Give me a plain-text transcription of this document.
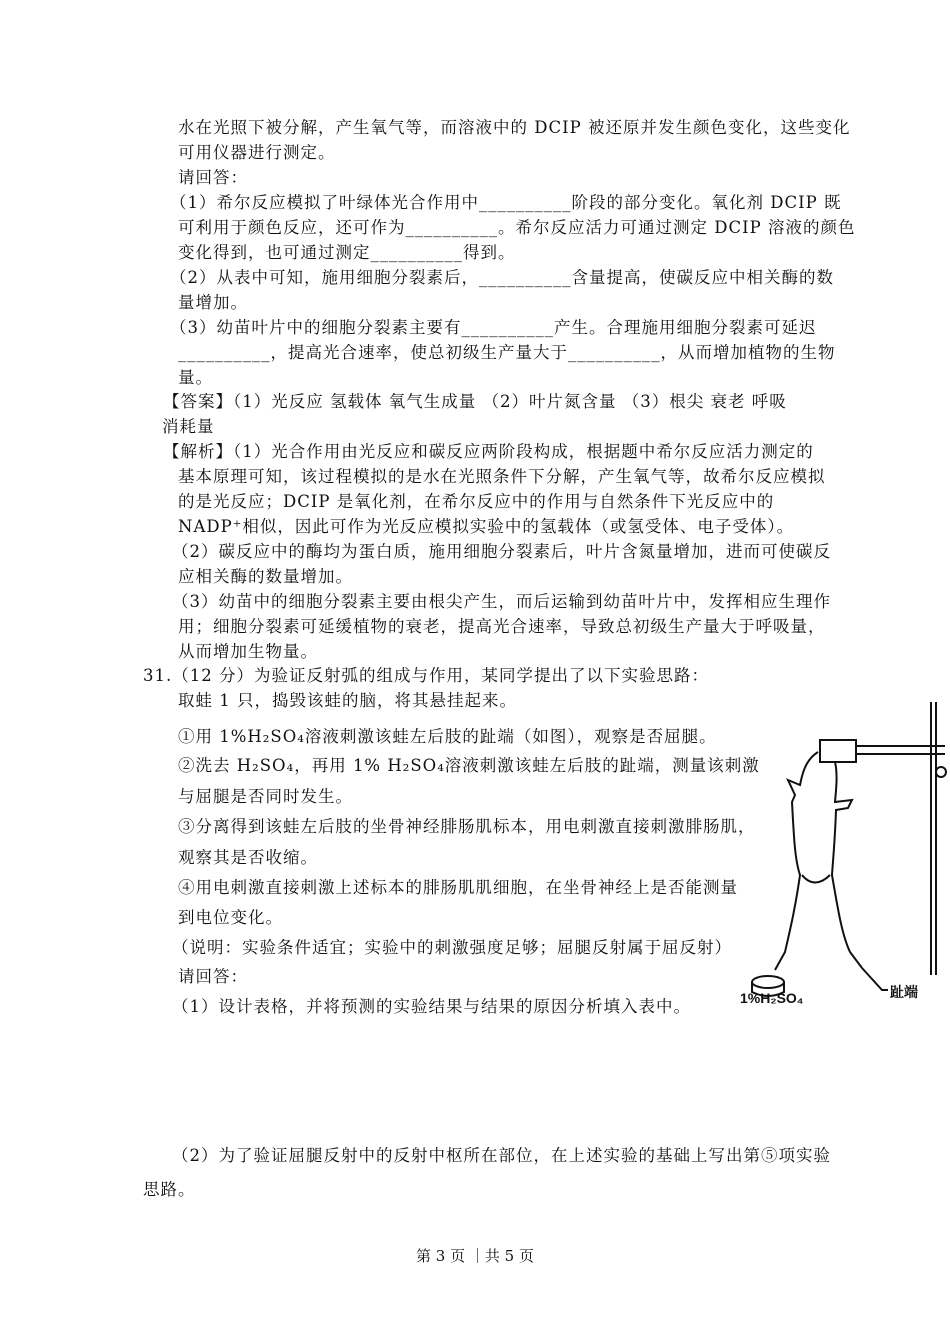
水在光照下被分解，产生氧气等，而溶液中的 DCIP 被还原并发生颜色变化，这些变化
可用仪器进行测定。
请回答：
（1）希尔反应模拟了叶绿体光合作用中__________阶段的部分变化。氧化剂 DCIP 既
可利用于颜色反应，还可作为__________。希尔反应活力可通过测定 DCIP 溶液的颜色
变化得到，也可通过测定__________得到。
（2）从表中可知，施用细胞分裂素后，__________含量提高，使碳反应中相关酶的数
量增加。
（3）幼苗叶片中的细胞分裂素主要有__________产生。合理施用细胞分裂素可延迟
__________，提高光合速率，使总初级生产量大于__________，从而增加植物的生物
量。
【答案】（1）光反应 氢载体 氧气生成量 （2）叶片氮含量 （3）根尖 衰老 呼吸
消耗量
【解析】（1）光合作用由光反应和碳反应两阶段构成，根据题中希尔反应活力测定的
基本原理可知，该过程模拟的是水在光照条件下分解，产生氧气等，故希尔反应模拟
的是光反应；DCIP 是氧化剂，在希尔反应中的作用与自然条件下光反应中的
NADP⁺相似，因此可作为光反应模拟实验中的氢载体（或氢受体、电子受体）。
（2）碳反应中的酶均为蛋白质，施用细胞分裂素后，叶片含氮量增加，进而可使碳反
应相关酶的数量增加。
（3）幼苗中的细胞分裂素主要由根尖产生，而后运输到幼苗叶片中，发挥相应生理作
用；细胞分裂素可延缓植物的衰老，提高光合速率，导致总初级生产量大于呼吸量，
从而增加生物量。
31.（12 分）为验证反射弧的组成与作用，某同学提出了以下实验思路：
取蛙 1 只，捣毁该蛙的脑，将其悬挂起来。
①用 1%H₂SO₄溶液刺激该蛙左后肢的趾端（如图），观察是否屈腿。
②洗去 H₂SO₄，再用 1% H₂SO₄溶液刺激该蛙左后肢的趾端，测量该刺激
与屈腿是否同时发生。
③分离得到该蛙左后肢的坐骨神经腓肠肌标本，用电刺激直接刺激腓肠肌，
观察其是否收缩。
④用电刺激直接刺激上述标本的腓肠肌肌细胞，在坐骨神经上是否能测量
到电位变化。
（说明：实验条件适宜；实验中的刺激强度足够；屈腿反射属于屈反射）
请回答：
（1）设计表格，并将预测的实验结果与结果的原因分析填入表中。
（2）为了验证屈腿反射中的反射中枢所在部位，在上述实验的基础上写出第⑤项实验
思路。
1%H₂SO₄	趾端
第 3 页 ｜共 5 页
